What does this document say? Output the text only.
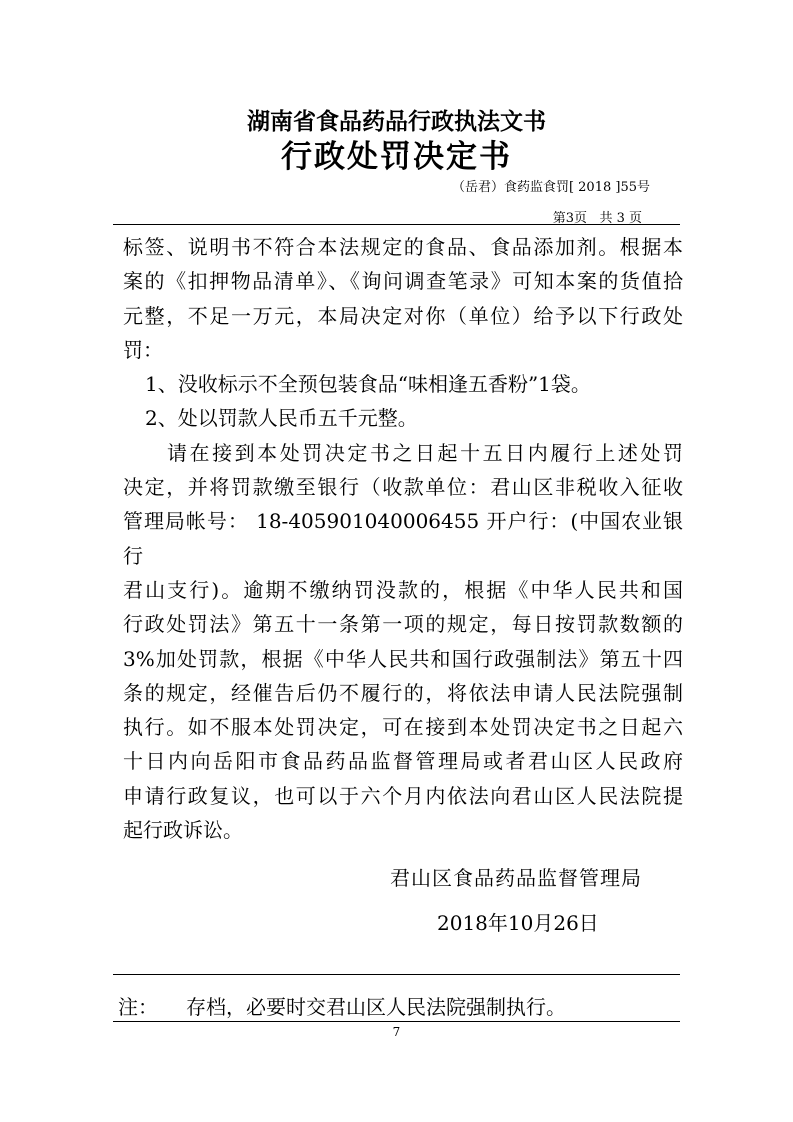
湖南省食品药品行政执法文书
行政处罚决定书
（岳君）食药监食罚[ 2018 ]55号
第3页   共 3 页

标签、说明书不符合本法规定的食品、食品添加剂。根据本

案的《扣押物品清单》、《询问调查笔录》可知本案的货值拾

元整，不足一万元，本局决定对你（单位）给予以下行政处

罚：

1、没收标示不全预包装食品“味相逢五香粉”1袋。

2、处以罚款人民币五千元整。

请在接到本处罚决定书之日起十五日内履行上述处罚

决定，并将罚款缴至银行（收款单位：君山区非税收入征收

管理局帐号： 18-405901040006455 开户行：(中国农业银行

君山支行)。逾期不缴纳罚没款的，根据《中华人民共和国

行政处罚法》第五十一条第一项的规定，每日按罚款数额的

3%加处罚款，根据《中华人民共和国行政强制法》第五十四

条的规定，经催告后仍不履行的，将依法申请人民法院强制

执行。如不服本处罚决定，可在接到本处罚决定书之日起六

十日内向岳阳市食品药品监督管理局或者君山区人民政府

申请行政复议，也可以于六个月内依法向君山区人民法院提

起行政诉讼。

君山区食品药品监督管理局
2018年10月26日
注： 存档，必要时交君山区人民法院强制执行。
7
